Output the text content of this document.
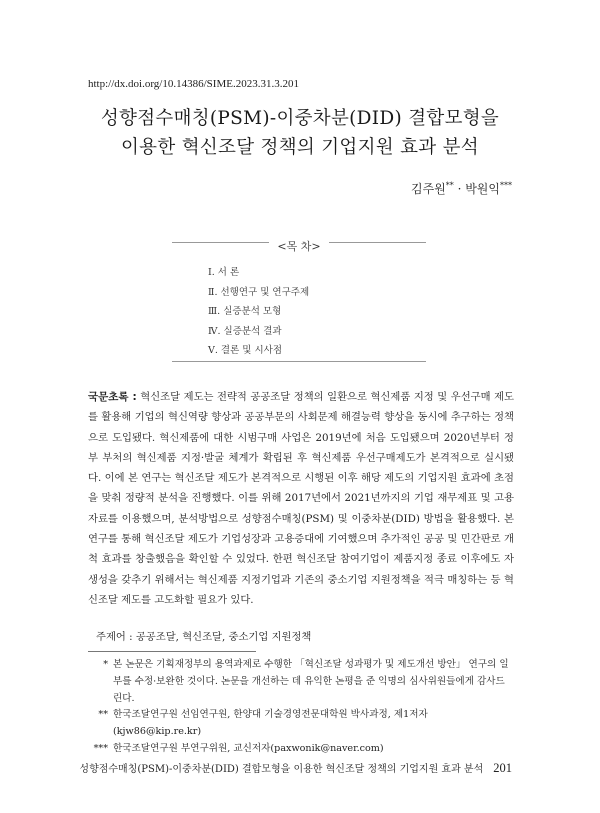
http://dx.doi.org/10.14386/SIME.2023.31.3.201
성향점수매칭(PSM)-이중차분(DID) 결합모형을
이용한 혁신조달 정책의 기업지원 효과 분석
김주원** · 박원익***
<목 차>
Ⅰ. 서 론
Ⅱ. 선행연구 및 연구주제
Ⅲ. 실증분석 모형
Ⅳ. 실증분석 결과
Ⅴ. 결론 및 시사점
국문초록 : 혁신조달 제도는 전략적 공공조달 정책의 일환으로 혁신제품 지정 및 우선구매 제도를 활용해 기업의 혁신역량 향상과 공공부문의 사회문제 해결능력 향상을 동시에 추구하는 정책으로 도입됐다. 혁신제품에 대한 시범구매 사업은 2019년에 처음 도입됐으며 2020년부터 정부 부처의 혁신제품 지정·발굴 체계가 확립된 후 혁신제품 우선구매제도가 본격적으로 실시됐다. 이에 본 연구는 혁신조달 제도가 본격적으로 시행된 이후 해당 제도의 기업지원 효과에 초점을 맞춰 정량적 분석을 진행했다. 이를 위해 2017년에서 2021년까지의 기업 재무제표 및 고용 자료를 이용했으며, 분석방법으로 성향점수매칭(PSM) 및 이중차분(DID) 방법을 활용했다. 본 연구를 통해 혁신조달 제도가 기업성장과 고용증대에 기여했으며 추가적인 공공 및 민간판로 개척 효과를 창출했음을 확인할 수 있었다. 한편 혁신조달 참여기업이 제품지정 종료 이후에도 자생성을 갖추기 위해서는 혁신제품 지정기업과 기존의 중소기업 지원정책을 적극 매칭하는 등 혁신조달 제도를 고도화할 필요가 있다.
주제어 : 공공조달, 혁신조달, 중소기업 지원정책
* 본 논문은 기획재정부의 용역과제로 수행한 「혁신조달 성과평가 및 제도개선 방안」 연구의 일부를 수정·보완한 것이다. 논문을 개선하는 데 유익한 논평을 준 익명의 심사위원들에게 감사드린다.
** 한국조달연구원 선임연구원, 한양대 기술경영전문대학원 박사과정, 제1저자(kjw86@kip.re.kr)
*** 한국조달연구원 부연구위원, 교신저자(paxwonik@naver.com)
성향점수매칭(PSM)-이중차분(DID) 결합모형을 이용한 혁신조달 정책의 기업지원 효과 분석 201
